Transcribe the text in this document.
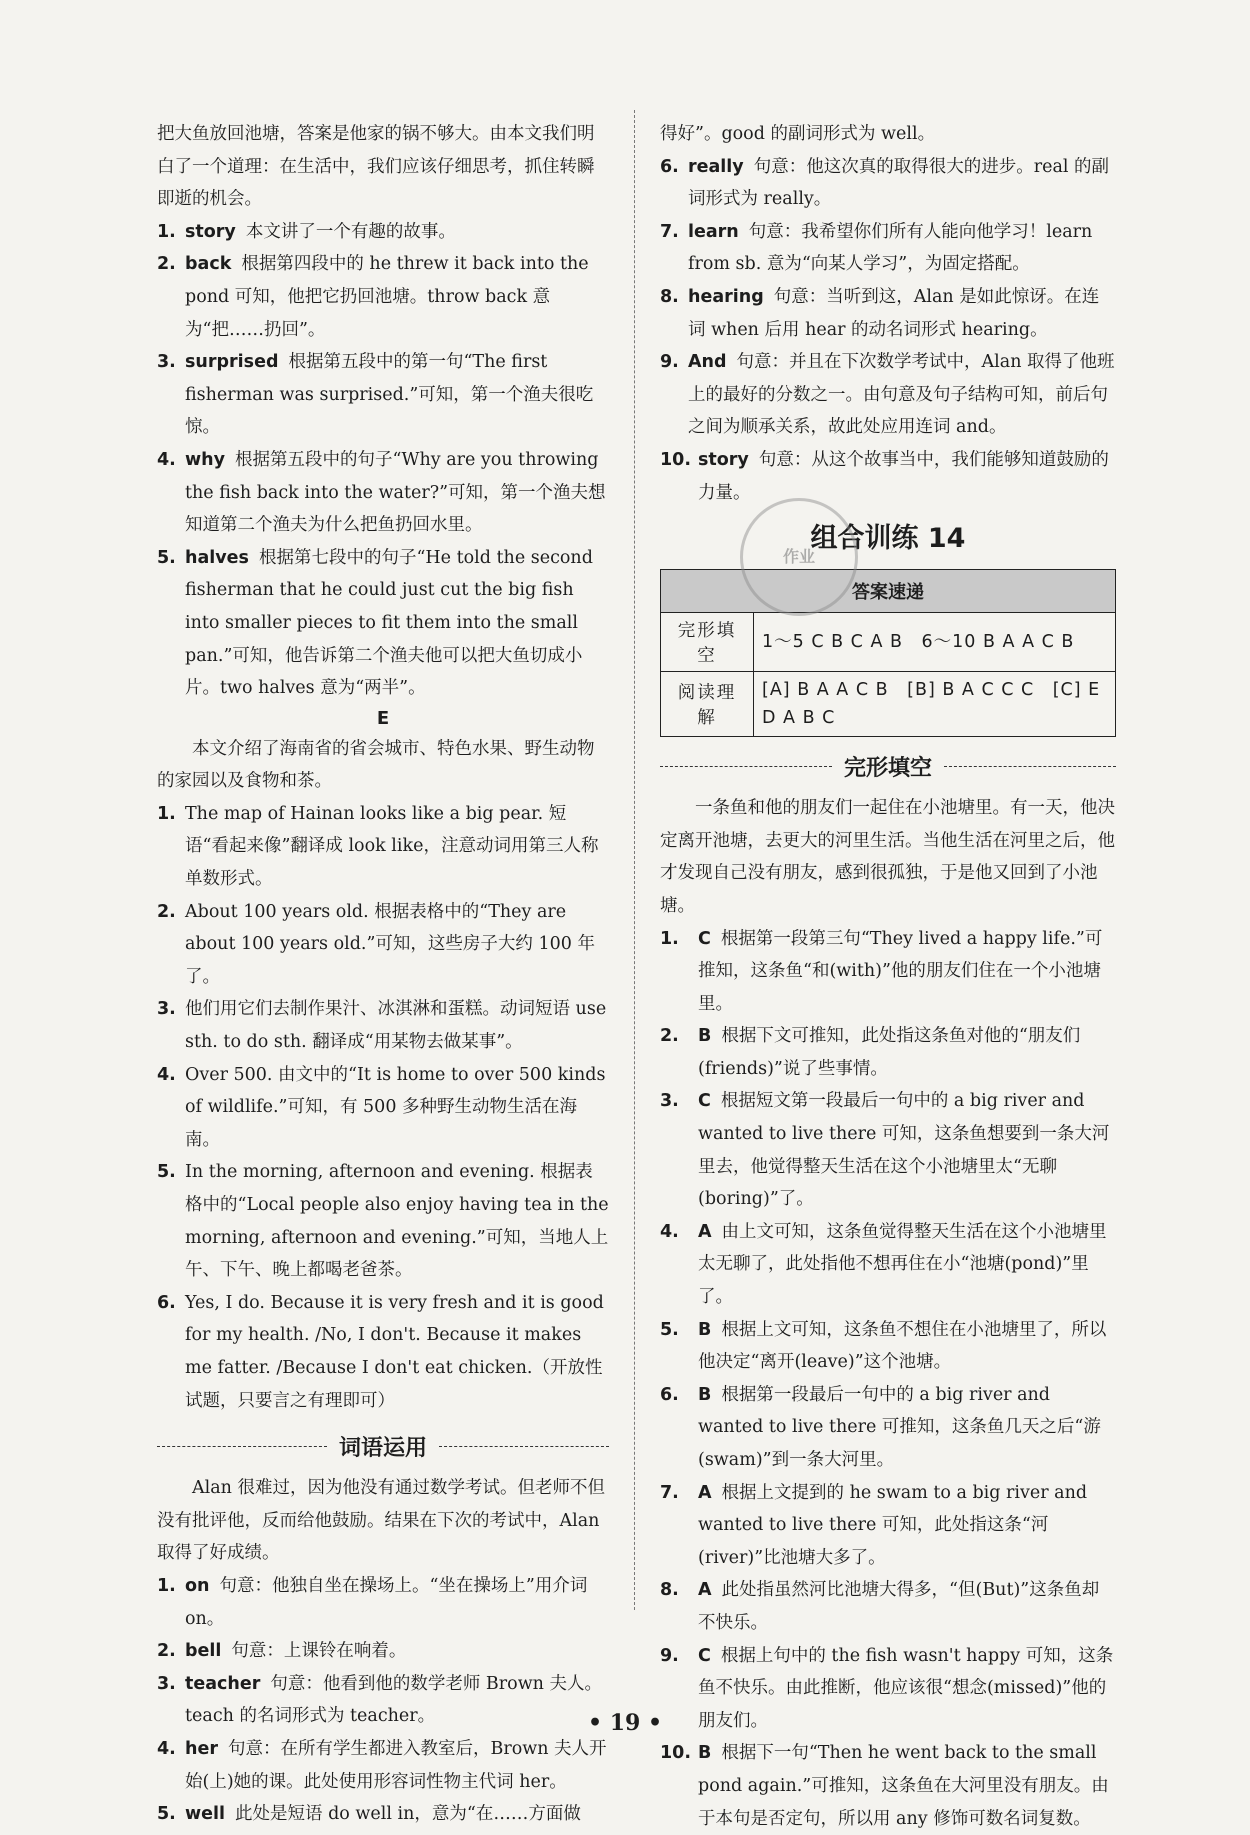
把大鱼放回池塘，答案是他家的锅不够大。由本文我们明白了一个道理：在生活中，我们应该仔细思考，抓住转瞬即逝的机会。

1. story 本文讲了一个有趣的故事。
2. back 根据第四段中的 he threw it back into the pond 可知，他把它扔回池塘。throw back 意为“把……扔回”。
3. surprised 根据第五段中的第一句“The first fisherman was surprised.”可知，第一个渔夫很吃惊。
4. why 根据第五段中的句子“Why are you throwing the fish back into the water?”可知，第一个渔夫想知道第二个渔夫为什么把鱼扔回水里。
5. halves 根据第七段中的句子“He told the second fisherman that he could just cut the big fish into smaller pieces to fit them into the small pan.”可知，他告诉第二个渔夫他可以把大鱼切成小片。two halves 意为“两半”。
E

本文介绍了海南省的省会城市、特色水果、野生动物的家园以及食物和茶。

1. The map of Hainan looks like a big pear. 短语“看起来像”翻译成 look like，注意动词用第三人称单数形式。
2. About 100 years old. 根据表格中的“They are about 100 years old.”可知，这些房子大约 100 年了。
3. 他们用它们去制作果汁、冰淇淋和蛋糕。动词短语 use sth. to do sth. 翻译成“用某物去做某事”。
4. Over 500. 由文中的“It is home to over 500 kinds of wildlife.”可知，有 500 多种野生动物生活在海南。
5. In the morning, afternoon and evening. 根据表格中的“Local people also enjoy having tea in the morning, afternoon and evening.”可知，当地人上午、下午、晚上都喝老爸茶。
6. Yes, I do. Because it is very fresh and it is good for my health. /No, I don't. Because it makes me fatter. /Because I don't eat chicken.（开放性试题，只要言之有理即可）
词语运用

Alan 很难过，因为他没有通过数学考试。但老师不但没有批评他，反而给他鼓励。结果在下次的考试中，Alan 取得了好成绩。

1. on 句意：他独自坐在操场上。“坐在操场上”用介词 on。
2. bell 句意：上课铃在响着。
3. teacher 句意：他看到他的数学老师 Brown 夫人。teach 的名词形式为 teacher。
4. her 句意：在所有学生都进入教室后，Brown 夫人开始(上)她的课。此处使用形容词性物主代词 her。
5. well 此处是短语 do well in，意为“在……方面做

得好”。good 的副词形式为 well。

6. really 句意：他这次真的取得很大的进步。real 的副词形式为 really。
7. learn 句意：我希望你们所有人能向他学习！learn from sb. 意为“向某人学习”，为固定搭配。
8. hearing 句意：当听到这，Alan 是如此惊讶。在连词 when 后用 hear 的动名词形式 hearing。
9. And 句意：并且在下次数学考试中，Alan 取得了他班上的最好的分数之一。由句意及句子结构可知，前后句之间为顺承关系，故此处应用连词 and。
10. story 句意：从这个故事当中，我们能够知道鼓励的力量。
组合训练 14
答案速递	
完形填空	1～5 C B C A B　6～10 B A A C B
阅读理解	[A] B A A C B　[B] B A C C C　[C] E D A B C
完形填空

一条鱼和他的朋友们一起住在小池塘里。有一天，他决定离开池塘，去更大的河里生活。当他生活在河里之后，他才发现自己没有朋友，感到很孤独，于是他又回到了小池塘。

1.	C 根据第一段第三句“They lived a happy life.”可推知，这条鱼“和(with)”他的朋友们住在一个小池塘里。
2.	B 根据下文可推知，此处指这条鱼对他的“朋友们(friends)”说了些事情。
3.	C 根据短文第一段最后一句中的 a big river and wanted to live there 可知，这条鱼想要到一条大河里去，他觉得整天生活在这个小池塘里太“无聊(boring)”了。
4.	A 由上文可知，这条鱼觉得整天生活在这个小池塘里太无聊了，此处指他不想再住在小“池塘(pond)”里了。
5.	B 根据上文可知，这条鱼不想住在小池塘里了，所以他决定“离开(leave)”这个池塘。
6.	B 根据第一段最后一句中的 a big river and wanted to live there 可推知，这条鱼几天之后“游(swam)”到一条大河里。
7.	A 根据上文提到的 he swam to a big river and wanted to live there 可知，此处指这条“河(river)”比池塘大多了。
8.	A 此处指虽然河比池塘大得多，“但(But)”这条鱼却不快乐。
9.	C 根据上句中的 the fish wasn't happy 可知，这条鱼不快乐。由此推断，他应该很“想念(missed)”他的朋友们。
10. B 根据下一句“Then he went back to the small pond again.”可推知，这条鱼在大河里没有朋友。由于本句是否定句，所以用 any 修饰可数名词复数。
作业
• 19 •
